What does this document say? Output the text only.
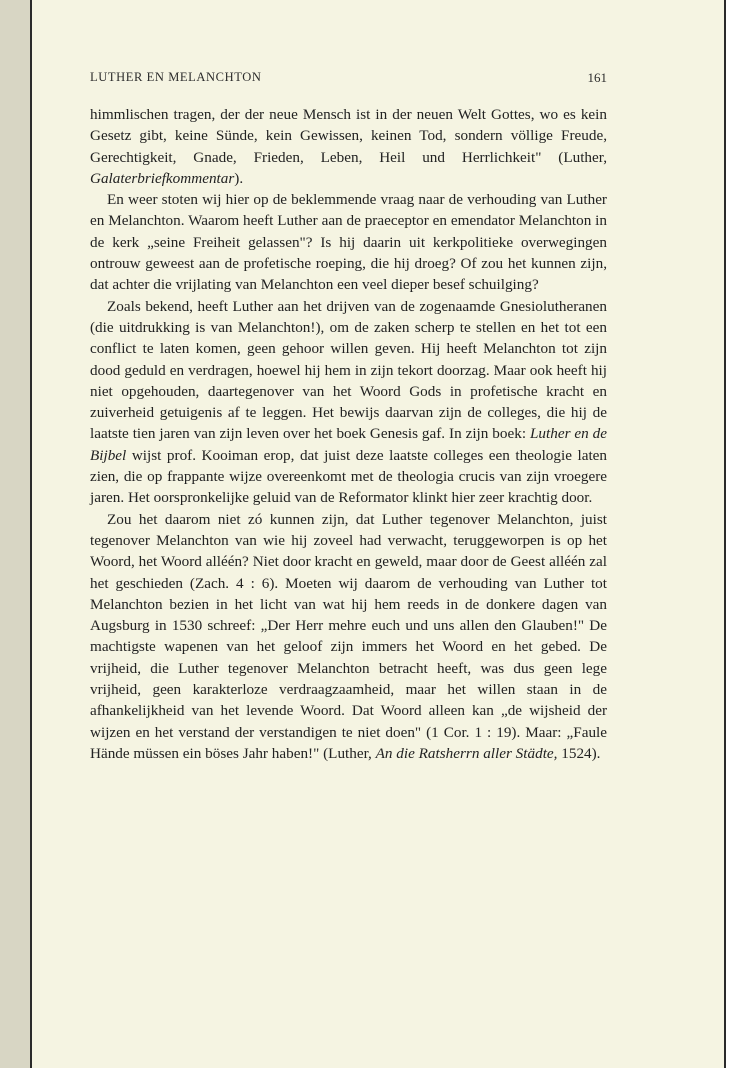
LUTHER EN MELANCHTON	161

himmlischen tragen, der der neue Mensch ist in der neuen Welt Gottes, wo es kein Gesetz gibt, keine Sünde, kein Gewissen, keinen Tod, sondern völlige Freude, Gerechtigkeit, Gnade, Frieden, Leben, Heil und Herrlichkeit" (Luther, Galaterbriefkommentar).

En weer stoten wij hier op de beklemmende vraag naar de verhouding van Luther en Melanchton. Waarom heeft Luther aan de praeceptor en emendator Melanchton in de kerk „seine Freiheit gelassen"? Is hij daarin uit kerkpolitieke overwegingen ontrouw geweest aan de profetische roeping, die hij droeg? Of zou het kunnen zijn, dat achter die vrijlating van Melanchton een veel dieper besef schuilging?

Zoals bekend, heeft Luther aan het drijven van de zogenaamde Gnesiolutheranen (die uitdrukking is van Melanchton!), om de zaken scherp te stellen en het tot een conflict te laten komen, geen gehoor willen geven. Hij heeft Melanchton tot zijn dood geduld en verdragen, hoewel hij hem in zijn tekort doorzag. Maar ook heeft hij niet opgehouden, daartegenover van het Woord Gods in profetische kracht en zuiverheid getuigenis af te leggen. Het bewijs daarvan zijn de colleges, die hij de laatste tien jaren van zijn leven over het boek Genesis gaf. In zijn boek: Luther en de Bijbel wijst prof. Kooiman erop, dat juist deze laatste colleges een theologie laten zien, die op frappante wijze overeenkomt met de theologia crucis van zijn vroegere jaren. Het oorspronkelijke geluid van de Reformator klinkt hier zeer krachtig door.

Zou het daarom niet zó kunnen zijn, dat Luther tegenover Melanchton, juist tegenover Melanchton van wie hij zoveel had verwacht, teruggeworpen is op het Woord, het Woord alléén? Niet door kracht en geweld, maar door de Geest alléén zal het geschieden (Zach. 4 : 6). Moeten wij daarom de verhouding van Luther tot Melanchton bezien in het licht van wat hij hem reeds in de donkere dagen van Augsburg in 1530 schreef: „Der Herr mehre euch und uns allen den Glauben!" De machtigste wapenen van het geloof zijn immers het Woord en het gebed. De vrijheid, die Luther tegenover Melanchton betracht heeft, was dus geen lege vrijheid, geen karakterloze verdraagzaamheid, maar het willen staan in de afhankelijkheid van het levende Woord. Dat Woord alleen kan „de wijsheid der wijzen en het verstand der verstandigen te niet doen" (1 Cor. 1 : 19). Maar: „Faule Hände müssen ein böses Jahr haben!" (Luther, An die Ratsherrn aller Städte, 1524).
